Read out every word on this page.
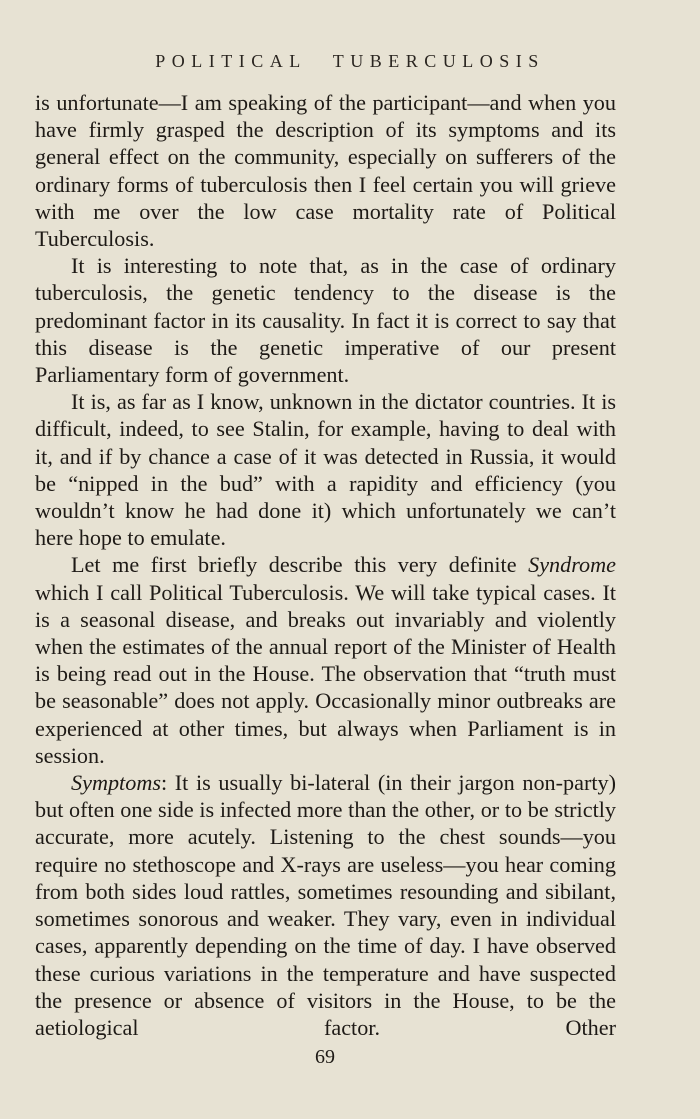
POLITICAL TUBERCULOSIS

is unfortunate—I am speaking of the participant—and when you have firmly grasped the description of its symptoms and its general effect on the community, especially on sufferers of the ordinary forms of tuberculosis then I feel certain you will grieve with me over the low case mortality rate of Political Tuberculosis.

It is interesting to note that, as in the case of ordinary tuberculosis, the genetic tendency to the disease is the predominant factor in its causality. In fact it is correct to say that this disease is the genetic imperative of our present Parliamentary form of government.

It is, as far as I know, unknown in the dictator countries. It is difficult, indeed, to see Stalin, for example, having to deal with it, and if by chance a case of it was detected in Russia, it would be “nipped in the bud” with a rapidity and efficiency (you wouldn’t know he had done it) which unfortunately we can’t here hope to emulate.

Let me first briefly describe this very definite Syndrome which I call Political Tuberculosis. We will take typical cases. It is a seasonal disease, and breaks out invariably and violently when the estimates of the annual report of the Minister of Health is being read out in the House. The observation that “truth must be seasonable” does not apply. Occasionally minor outbreaks are experienced at other times, but always when Parliament is in session.

Symptoms: It is usually bi-lateral (in their jargon non-party) but often one side is infected more than the other, or to be strictly accurate, more acutely. Listening to the chest sounds—you require no stethoscope and X-rays are useless—you hear coming from both sides loud rattles, sometimes resounding and sibilant, sometimes sonorous and weaker. They vary, even in individual cases, apparently depending on the time of day. I have observed these curious variations in the temperature and have suspected the presence or absence of visitors in the House, to be the aetiological factor. Other

69
